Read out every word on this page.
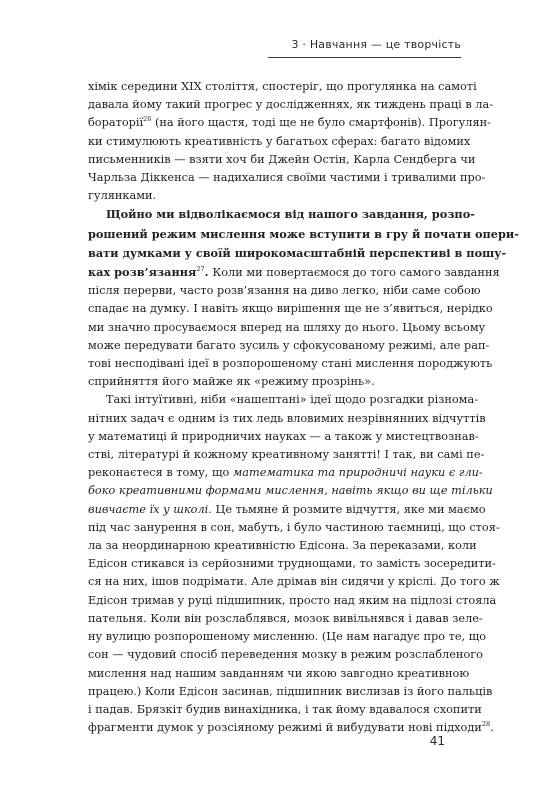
3 · Навчання — це творчість
хімік середини ХІХ століття, спостеріг, що прогулянка на самоті
давала йому такий прогрес у дослідженнях, як тиждень праці в ла-
бораторії$^{26}$ (на його щастя, тоді ще не було смартфонів). Прогулян-
ки стимулюють креативність у багатьох сферах: багато відомих
письменників — взяти хоч би Джейн Остін, Карла Сендберга чи
Чарльза Діккенса — надихалися своїми частими і тривалими про-
гулянками.
Щойно ми відволікаємося від нашого завдання, розпо-
рошений режим мислення може вступити в гру й почати опери-
вати думками у своїй широкомасштабній перспективі в пошу-
ках розв’язання$^{27}$. Коли ми повертаємося до того самого завдання
після перерви, часто розв’язання на диво легко, ніби саме собою
спадає на думку. І навіть якщо вирішення ще не з’явиться, нерідко
ми значно просуваємося вперед на шляху до нього. Цьому всьому
може передувати багато зусиль у сфокусованому режимі, але рап-
тові несподівані ідеї в розпорошеному стані мислення породжують
сприйняття його майже як «режиму прозрінь».
Такі інтуїтивні, ніби «нашептані» ідеї щодо розгадки різнома-
нітних задач є одним із тих ледь вловимих незрівнянних відчуттів
у математиці й природничих науках — а також у мистецтвознав-
стві, літературі й кожному креативному занятті! І так, ви самі пе-
реконаєтеся в тому, що математика та природничі науки є гли-
боко креативними формами мислення, навіть якщо ви ще тільки
вивчаєте їх у школі. Це тьмяне й розмите відчуття, яке ми маємо
під час занурення в сон, мабуть, і було частиною таємниці, що стоя-
ла за неординарною креативністю Едісона. За переказами, коли
Едісон стикався із серйозними труднощами, то замість зосередити-
ся на них, ішов подрімати. Але дрімав він сидячи у кріслі. До того ж
Едісон тримав у руці підшипник, просто над яким на підлозі стояла
пательня. Коли він розслаблявся, мозок вивільнявся і давав зеле-
ну вулицю розпорошеному мисленню. (Це нам нагадує про те, що
сон — чудовий спосіб переведення мозку в режим розслабленого
мислення над нашим завданням чи якою завгодно креативною
працею.) Коли Едісон засинав, підшипник вислизав із його пальців
і падав. Брязкіт будив винахідника, і так йому вдавалося схопити
фрагменти думок у розсіяному режимі й вибудувати нові підходи$^{28}$.
41
